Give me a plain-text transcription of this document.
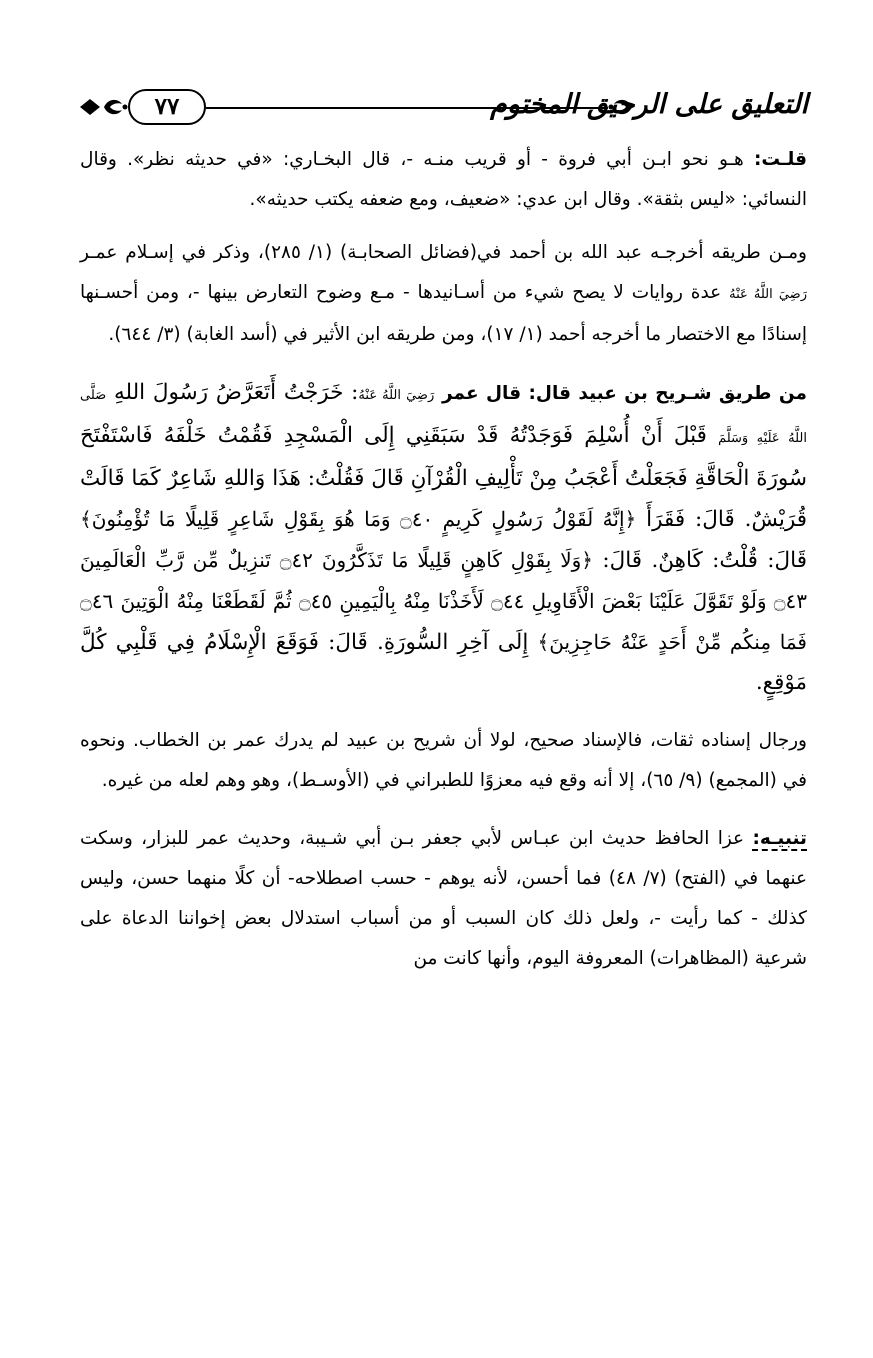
٧٧	التعليق على الرحيق المختوم

قلـت: هـو نحو ابـن أبي فروة - أو قريب منـه -، قال البخـاري: «في حديثه نظر». وقال النسائي: «ليس بثقة». وقال ابن عدي: «ضعيف، ومع ضعفه يكتب حديثه».

ومـن طريقه أخرجـه عبد الله بن أحمد في(فضائل الصحابـة) (١/ ٢٨٥)، وذكر في إسـلام عمـر رَضِيَ اللَّهُ عَنْهُ عدة روايات لا يصح شيء من أسـانيدها - مـع وضوح التعارض بينها -، ومن أحسـنها إسنادًا مع الاختصار ما أخرجه أحمد (١/ ١٧)، ومن طريقه ابن الأثير في (أسد الغابة) (٣/ ٦٤٤).

من طريق شـريح بن عبيد قال: قال عمر رَضِيَ اللَّهُ عَنْهُ: خَرَجْتُ أَتَعَرَّضُ رَسُولَ اللهِ صَلَّى اللَّهُ عَلَيْهِ وَسَلَّمَ قَبْلَ أَنْ أُسْلِمَ فَوَجَدْتُهُ قَدْ سَبَقَنِي إِلَى الْمَسْجِدِ فَقُمْتُ خَلْفَهُ فَاسْتَفْتَحَ سُورَةَ الْحَاقَّةِ فَجَعَلْتُ أَعْجَبُ مِنْ تَأْلِيفِ الْقُرْآنِ قَالَ فَقُلْتُ: هَذَا وَاللهِ شَاعِرٌ كَمَا قَالَتْ قُرَيْشٌ. قَالَ: فَقَرَأَ ﴿إِنَّهُ لَقَوْلُ رَسُولٍ كَرِيمٍ ۝٤٠ وَمَا هُوَ بِقَوْلِ شَاعِرٍ قَلِيلًا مَا تُؤْمِنُونَ﴾ قَالَ: قُلْتُ: كَاهِنٌ. قَالَ: ﴿وَلَا بِقَوْلِ كَاهِنٍ قَلِيلًا مَا تَذَكَّرُونَ ۝٤٢ تَنزِيلٌ مِّن رَّبِّ الْعَالَمِينَ ۝٤٣ وَلَوْ تَقَوَّلَ عَلَيْنَا بَعْضَ الْأَقَاوِيلِ ۝٤٤ لَأَخَذْنَا مِنْهُ بِالْيَمِينِ ۝٤٥ ثُمَّ لَقَطَعْنَا مِنْهُ الْوَتِينَ ۝٤٦ فَمَا مِنكُم مِّنْ أَحَدٍ عَنْهُ حَاجِزِينَ﴾ إِلَى آخِرِ السُّورَةِ. قَالَ: فَوَقَعَ الْإِسْلَامُ فِي قَلْبِي كُلَّ مَوْقِعٍ.

ورجال إسناده ثقات، فالإسناد صحيح، لولا أن شريح بن عبيد لم يدرك عمر بن الخطاب. ونحوه في (المجمع) (٩/ ٦٥)، إلا أنه وقع فيه معزوًا للطبراني في (الأوسـط)، وهو وهم لعله من غيره.

تنبيـه: عزا الحافظ حديث ابن عبـاس لأبي جعفر بـن أبي شـيبة، وحديث عمر للبزار، وسكت عنهما في (الفتح) (٧/ ٤٨) فما أحسن، لأنه يوهم - حسب اصطلاحه- أن كلًا منهما حسن، وليس كذلك - كما رأيت -، ولعل ذلك كان السبب أو من أسباب استدلال بعض إخواننا الدعاة على شرعية (المظاهرات) المعروفة اليوم، وأنها كانت من
